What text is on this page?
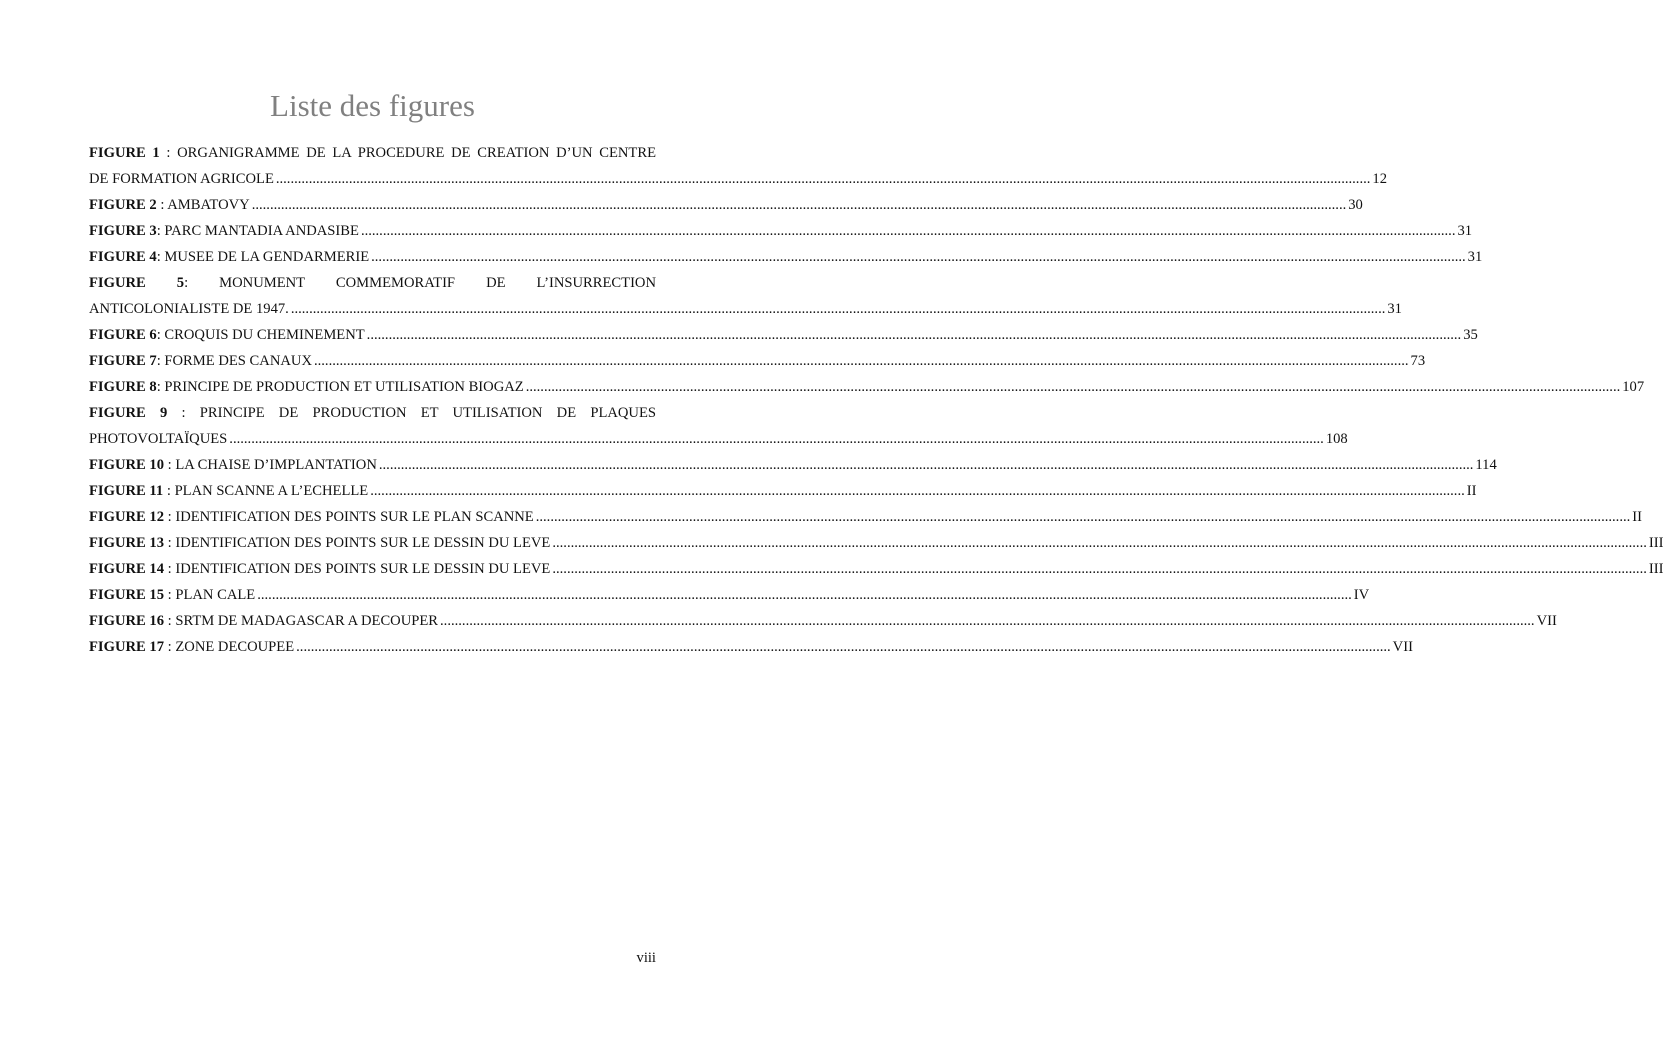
Liste des figures
FIGURE 1 : ORGANIGRAMME DE LA PROCEDURE DE CREATION D’UN CENTRE
DE FORMATION AGRICOLE ............................................................................................................................................................................................................................................................................................................ 12
FIGURE 2 : AMBATOVY ............................................................................................................................................................................................................................................................................................................ 30
FIGURE 3: PARC MANTADIA ANDASIBE ............................................................................................................................................................................................................................................................................................................ 31
FIGURE 4: MUSEE DE LA GENDARMERIE ............................................................................................................................................................................................................................................................................................................ 31
FIGURE 5: MONUMENT COMMEMORATIF DE L’INSURRECTION
ANTICOLONIALISTE DE 1947. ............................................................................................................................................................................................................................................................................................................ 31
FIGURE 6: CROQUIS DU CHEMINEMENT ............................................................................................................................................................................................................................................................................................................ 35
FIGURE 7: FORME DES CANAUX ............................................................................................................................................................................................................................................................................................................ 73
FIGURE 8: PRINCIPE DE PRODUCTION ET UTILISATION BIOGAZ ............................................................................................................................................................................................................................................................................................................ 107
FIGURE 9 : PRINCIPE DE PRODUCTION ET UTILISATION DE PLAQUES
PHOTOVOLTAÏQUES ............................................................................................................................................................................................................................................................................................................ 108
FIGURE 10 : LA CHAISE D’IMPLANTATION ............................................................................................................................................................................................................................................................................................................ 114
FIGURE 11 : PLAN SCANNE A L’ECHELLE ............................................................................................................................................................................................................................................................................................................ II
FIGURE 12 : IDENTIFICATION DES POINTS SUR LE PLAN SCANNE ............................................................................................................................................................................................................................................................................................................ II
FIGURE 13 : IDENTIFICATION DES POINTS SUR LE DESSIN DU LEVE ............................................................................................................................................................................................................................................................................................................ III
FIGURE 14 : IDENTIFICATION DES POINTS SUR LE DESSIN DU LEVE ............................................................................................................................................................................................................................................................................................................ III
FIGURE 15 : PLAN CALE ............................................................................................................................................................................................................................................................................................................ IV
FIGURE 16 : SRTM DE MADAGASCAR A DECOUPER ............................................................................................................................................................................................................................................................................................................ VII
FIGURE 17 : ZONE DECOUPEE ............................................................................................................................................................................................................................................................................................................ VII
viii
